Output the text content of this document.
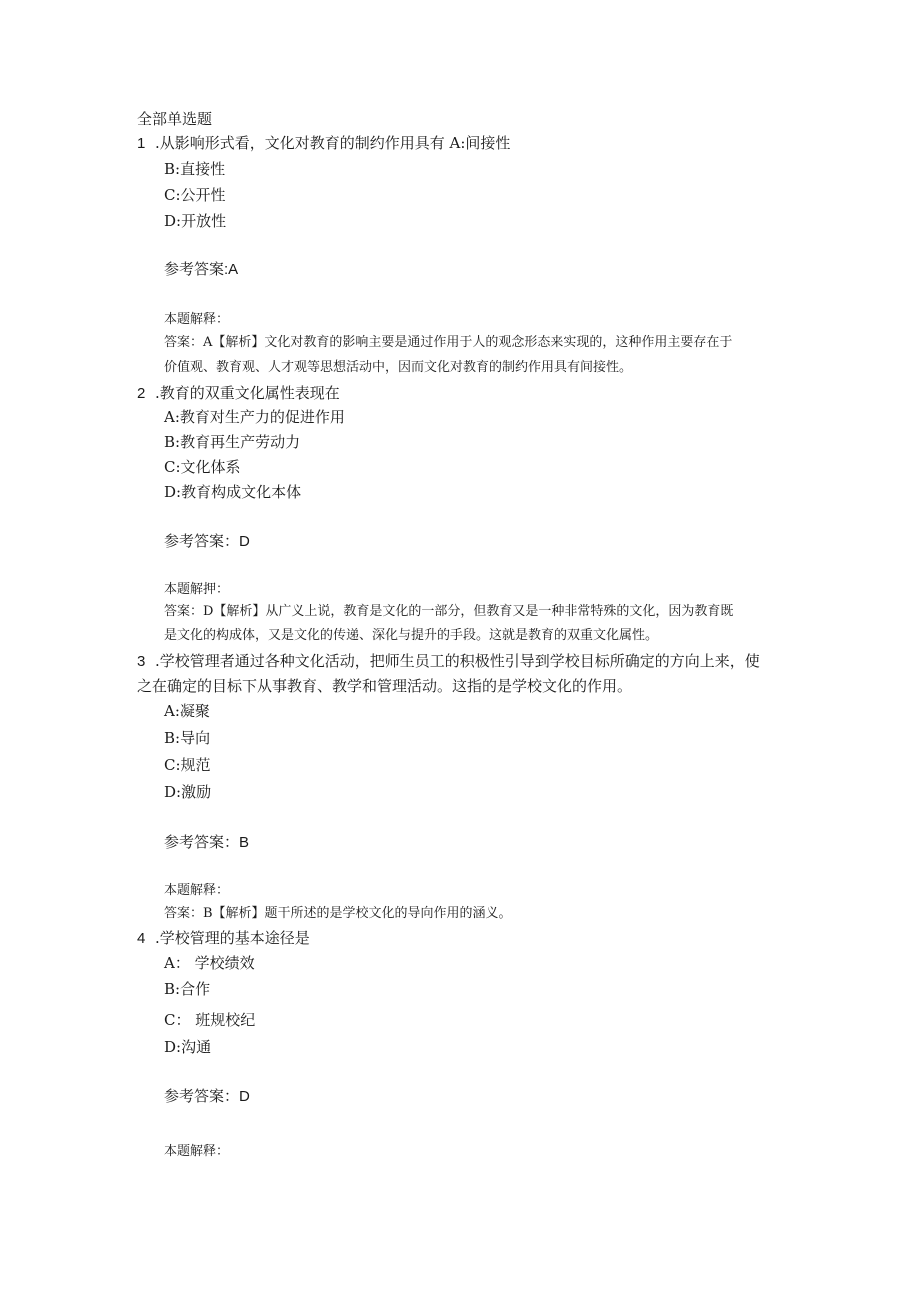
全部单选题
1 .从影响形式看，文化对教育的制约作用具有 A:间接性
B:直接性
C:公开性
D:开放性
参考答案:A
本题解释：
答案：A【解析】文化对教育的影响主要是通过作用于人的观念形态来实现的，这种作用主要存在于
价值观、教育观、人才观等思想活动中，因而文化对教育的制约作用具有间接性。
2 .教育的双重文化属性表现在
A:教育对生产力的促进作用
B:教育再生产劳动力
C:文化体系
D:教育构成文化本体
参考答案：D
本题解押：
答案：D【解析】从广义上说，教育是文化的一部分，但教育又是一种非常特殊的文化，因为教育既
是文化的构成体，又是文化的传递、深化与提升的手段。这就是教育的双重文化属性。
3 .学校管理者通过各种文化活动，把师生员工的积极性引导到学校目标所确定的方向上来，使
之在确定的目标下从事教育、教学和管理活动。这指的是学校文化的作用。
A:凝聚
B:导向
C:规范
D:激励
参考答案：B
本题解释：
答案：B【解析】题干所述的是学校文化的导向作用的涵义。
4 .学校管理的基本途径是
A： 学校绩效
B:合作
C： 班规校纪
D:沟通
参考答案：D
本题解释：
